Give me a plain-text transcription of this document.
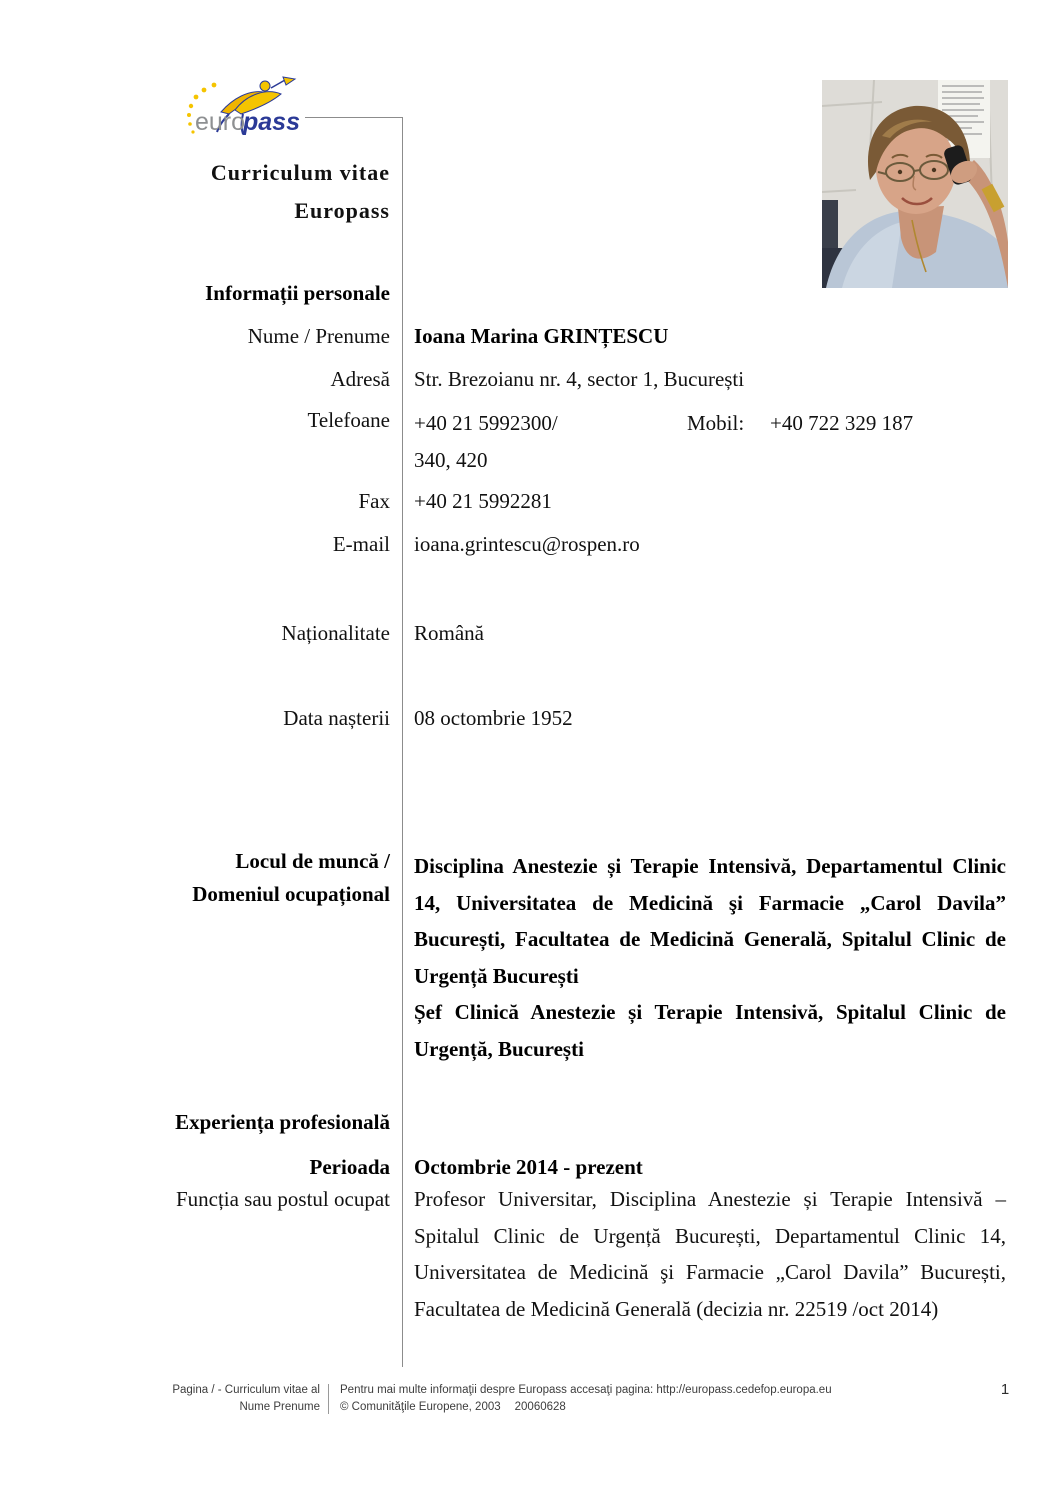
euro
pass
Curriculum vitae
Europass
Informații personale
Nume / Prenume Ioana Marina GRINȚESCU
Adresă Str. Brezoianu nr. 4, sector 1, București
Telefoane +40 21 5992300/	Mobil: +40 722 329 187

340, 420
Fax +40 21 5992281
E-mail ioana.grintescu@rospen.ro
Naționalitate Română
Data nașterii 08 octombrie 1952
Locul de muncă /
Domeniul ocupațional
Disciplina Anestezie și Terapie Intensivă, Departamentul Clinic 14, Universitatea de Medicină şi Farmacie „Carol Davila” București, Facultatea de Medicină Generală, Spitalul Clinic de Urgență București
Șef Clinică Anestezie și Terapie Intensivă, Spitalul Clinic de Urgență, București
Experiența profesională
Perioada Octombrie 2014 - prezent
Funcția sau postul ocupat Profesor Universitar, Disciplina Anestezie și Terapie Intensivă – Spitalul Clinic de Urgență București, Departamentul Clinic 14, Universitatea de Medicină şi Farmacie „Carol Davila” București, Facultatea de Medicină Generală (decizia nr. 22519 /oct 2014)
Pagina / - Curriculum vitae al
Nume Prenume
Pentru mai multe informaţii despre Europass accesaţi pagina: http://europass.cedefop.europa.eu
© Comunităţile Europene, 2003 20060628
1
